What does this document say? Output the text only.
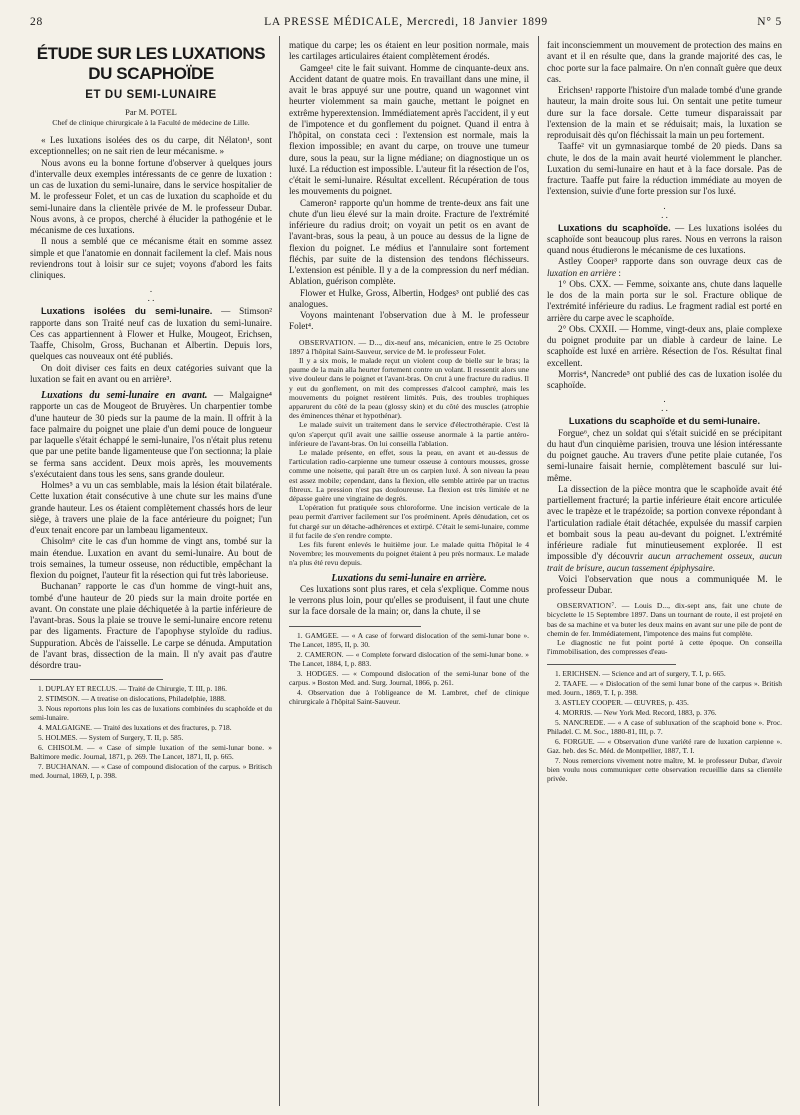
28	LA PRESSE MÉDICALE, Mercredi, 18 Janvier 1899	N° 5
ÉTUDE SUR LES LUXATIONS DU SCAPHOÏDE
ET DU SEMI-LUNAIRE
Par M. POTEL
Chef de clinique chirurgicale à la Faculté de médecine de Lille.

« Les luxations isolées des os du carpe, dit Nélaton¹, sont exceptionnelles; on ne sait rien de leur mécanisme. »

Nous avons eu la bonne fortune d'observer à quelques jours d'intervalle deux exemples intéressants de ce genre de luxation : un cas de luxation du semi-lunaire, dans le service hospitalier de M. le professeur Folet, et un cas de luxation du scaphoïde et du semi-lunaire dans la clientèle privée de M. le professeur Dubar. Nous avons, à ce propos, cherché à élucider la pathogénie et le mécanisme de ces luxations.

Il nous a semblé que ce mécanisme était en somme assez simple et que l'anatomie en donnait facilement la clef. Mais nous reviendrons tout à loisir sur ce sujet; voyons d'abord les faits cliniques.

.
. .

Luxations isolées du semi-lunaire. — Stimson² rapporte dans son Traité neuf cas de luxation du semi-lunaire. Ces cas appartiennent à Flower et Hulke, Mougeot, Erichsen, Taaffe, Chisolm, Gross, Buchanan et Albertin. Depuis lors, quelques cas nouveaux ont été publiés.

On doit diviser ces faits en deux catégories suivant que la luxation se fait en avant ou en arrière³.

Luxations du semi-lunaire en avant. — Malgaigne⁴ rapporte un cas de Mougeot de Bruyères. Un charpentier tombe d'une hauteur de 30 pieds sur la paume de la main. Il offrit à la face palmaire du poignet une plaie d'un demi pouce de longueur par laquelle s'était échappé le semi-lunaire, l'os n'était plus retenu que par une petite bande ligamenteuse que l'on sectionna; la plaie se ferma sans accident. Deux mois après, les mouvements s'exécutaient dans tous les sens, sans grande douleur.

Holmes⁵ a vu un cas semblable, mais la lésion était bilatérale. Cette luxation était consécutive à une chute sur les mains d'une grande hauteur. Les os étaient complètement chassés hors de leur siège, à travers une plaie de la face antérieure du poignet; l'un d'eux tenait encore par un lambeau ligamenteux.

Chisolm⁶ cite le cas d'un homme de vingt ans, tombé sur la main étendue. Luxation en avant du semi-lunaire. Au bout de trois semaines, la tumeur osseuse, non réductible, empêchant la flexion du poignet, l'auteur fit la résection qui fut très laborieuse.

Buchanan⁷ rapporte le cas d'un homme de vingt-huit ans, tombé d'une hauteur de 20 pieds sur la main droite portée en avant. On constate une plaie déchiquetée à la partie inférieure de l'avant-bras. Sous la plaie se trouve le semi-lunaire encore retenu par des ligaments. Fracture de l'apophyse styloïde du radius. Suppuration. Abcès de l'aisselle. Le carpe se dénuda. Amputation de l'avant bras, dissection de la main. Il n'y avait pas d'autre désordre trau-

1. DUPLAY ET RECLUS. — Traité de Chirurgie, T. III, p. 186.

2. STIMSON. — A treatise on dislocations, Philadelphie, 1888.

3. Nous reportons plus loin les cas de luxations combinées du scaphoïde et du semi-lunaire.

4. MALGAIGNE. — Traité des luxations et des fractures, p. 718.

5. HOLMES. — System of Surgery, T. II, p. 585.

6. CHISOLM. — « Case of simple luxation of the semi-lunar bone. » Baltimore medic. Journal, 1871, p. 269. The Lancet, 1871, II, p. 665.

7. BUCHANAN. — « Case of compound dislocation of the carpus. » Britisch med. Journal, 1869, I, p. 398.

matique du carpe; les os étaient en leur position normale, mais les cartilages articulaires étaient complètement érodés.

Gamgee¹ cite le fait suivant. Homme de cinquante-deux ans. Accident datant de quatre mois. En travaillant dans une mine, il avait le bras appuyé sur une poutre, quand un wagonnet vint heurter violemment sa main gauche, mettant le poignet en extrême hyperextension. Immédiatement après l'accident, il y eut de l'impotence et du gonflement du poignet. Quand il entra à l'hôpital, on constata ceci : l'extension est normale, mais la flexion impossible; en avant du carpe, on trouve une tumeur dure, sous la peau, sur la ligne médiane; on diagnostique un os luxé. La réduction est impossible. L'auteur fit la résection de l'os, c'était le semi-lunaire. Résultat excellent. Récupération de tous les mouvements du poignet.

Cameron² rapporte qu'un homme de trente-deux ans fait une chute d'un lieu élevé sur la main droite. Fracture de l'extrémité inférieure du radius droit; on voyait un petit os en avant de l'avant-bras, sous la peau, à un pouce au dessus de la ligne de flexion du poignet. Le médius et l'annulaire sont fortement fléchis, par suite de la distension des tendons fléchisseurs. L'extension est pénible. Il y a de la compression du nerf médian. Ablation, guérison complète.

Flower et Hulke, Gross, Albertin, Hodges³ ont publié des cas analogues.

Voyons maintenant l'observation due à M. le professeur Folet⁴.

OBSERVATION. — D..., dix-neuf ans, mécanicien, entre le 25 Octobre 1897 à l'hôpital Saint-Sauveur, service de M. le professeur Folet.

Il y a six mois, le malade reçut un violent coup de bielle sur le bras; la paume de la main alla heurter fortement contre un volant. Il ressentit alors une vive douleur dans le poignet et l'avant-bras. On crut à une fracture du radius. Il y eut du gonflement, on mit des compresses d'alcool camphré, mais les mouvements du poignet restèrent limités. Puis, des troubles trophiques apparurent du côté de la peau (glossy skin) et du côté des muscles (atrophie des éminences thénar et hypothénar).

Le malade suivit un traitement dans le service d'électrothérapie. C'est là qu'on s'aperçut qu'il avait une saillie osseuse anormale à la partie antéro-inférieure de l'avant-bras. On lui conseilla l'ablation.

Le malade présente, en effet, sous la peau, en avant et au-dessus de l'articulation radio-carpienne une tumeur osseuse à contours mousses, grosse comme une noisette, qui paraît être un os carpien luxé. À son niveau la peau est assez mobile; cependant, dans la flexion, elle semble attirée par un tractus fibreux. La pression n'est pas douloureuse. La flexion est très limitée et ne dépasse guère une vingtaine de degrés.

L'opération fut pratiquée sous chloroforme. Une incision verticale de la peau permit d'arriver facilement sur l'os proéminent. Après dénudation, cet os fut chargé sur un détache-adhérences et extirpé. C'était le semi-lunaire, comme il fut facile de s'en rendre compte.

Les fils furent enlevés le huitième jour. Le malade quitta l'hôpital le 4 Novembre; les mouvements du poignet étaient à peu près normaux. Le malade n'a plus été revu depuis.

Luxations du semi-lunaire en arrière.

Ces luxations sont plus rares, et cela s'explique. Comme nous le verrons plus loin, pour qu'elles se produisent, il faut une chute sur la face dorsale de la main; or, dans la chute, il se

1. GAMGEE. — « A case of forward dislocation of the semi-lunar bone ». The Lancet, 1895, II, p. 30.

2. CAMERON. — « Complete forward dislocation of the semi-lunar bone. » The Lancet, 1884, I, p. 883.

3. HODGES. — « Compound dislocation of the semi-lunar bone of the carpus. » Boston Med. and. Surg. Journal, 1866, p. 261.

4. Observation due à l'obligeance de M. Lambret, chef de clinique chirurgicale à l'hôpital Saint-Sauveur.

fait inconsciemment un mouvement de protection des mains en avant et il en résulte que, dans la grande majorité des cas, le choc porte sur la face palmaire. On n'en connaît guère que deux cas.

Erichsen¹ rapporte l'histoire d'un malade tombé d'une grande hauteur, la main droite sous lui. On sentait une petite tumeur dure sur la face dorsale. Cette tumeur disparaissait par l'extension de la main et se réduisait; mais, la luxation se reproduisait dès qu'on fléchissait la main un peu fortement.

Taaffe² vit un gymnasiarque tombé de 20 pieds. Dans sa chute, le dos de la main avait heurté violemment le plancher. Luxation du semi-lunaire en haut et à la face dorsale. Pas de fracture. Taaffe put faire la réduction immédiate au moyen de l'extension, suivie d'une forte pression sur l'os luxé.

.
. .

Luxations du scaphoïde. — Les luxations isolées du scaphoïde sont beaucoup plus rares. Nous en verrons la raison quand nous étudierons le mécanisme de ces luxations.

Astley Cooper³ rapporte dans son ouvrage deux cas de luxation en arrière :

1° Obs. CXX. — Femme, soixante ans, chute dans laquelle le dos de la main porta sur le sol. Fracture oblique de l'extrémité inférieure du radius. Le fragment radial est porté en arrière du carpe avec le scaphoïde.

2° Obs. CXXII. — Homme, vingt-deux ans, plaie complexe du poignet produite par un diable à cardeur de laine. Le scaphoïde est luxé en arrière. Résection de l'os. Résultat final excellent.

Morris⁴, Nancrede⁵ ont publié des cas de luxation isolée du scaphoïde.

.
. .

Luxations du scaphoïde et du semi-lunaire.

Forgue⁶, chez un soldat qui s'était suicidé en se précipitant du haut d'un cinquième parisien, trouva une lésion intéressante du poignet gauche. Au travers d'une petite plaie cutanée, l'os semi-lunaire faisait hernie, complètement basculé sur lui-même.

La dissection de la pièce montra que le scaphoïde avait été partiellement fracturé; la partie inférieure était encore articulée avec le trapèze et le trapézoïde; sa portion convexe répondant à l'articulation radiale était détachée, expulsée du massif carpien et bombait sous la peau au-devant du poignet. L'extrémité inférieure radiale fut minutieusement explorée. Il est impossible d'y découvrir aucun arrachement osseux, aucun trait de brisure, aucun tassement épiphysaire.

Voici l'observation que nous a communiquée M. le professeur Dubar.

OBSERVATION⁷. — Louis D..., dix-sept ans, fait une chute de bicyclette le 15 Septembre 1897. Dans un tournant de route, il est projeté en bas de sa machine et va buter les deux mains en avant sur une pile de pont de chemin de fer. Immédiatement, l'impotence des mains fut complète.

Le diagnostic ne fut point porté à cette époque. On conseilla l'immobilisation, des compresses d'eau-

1. ERICHSEN. — Science and art of surgery, T. I, p. 665.

2. TAAFE. — « Dislocation of the semi lunar bone of the carpus ». British med. Journ., 1869, T. I, p. 398.

3. ASTLEY COOPER. — ŒUVRES, p. 435.

4. MORRIS. — New York Med. Record, 1883, p. 376.

5. NANCREDE. — « A case of subluxation of the scaphoid bone ». Proc. Philadel. C. M. Soc., 1880-81, III, p. 7.

6. FORGUE. — « Observation d'une variété rare de luxation carpienne ». Gaz. heb. des Sc. Méd. de Montpellier, 1887, T. I.

7. Nous remercions vivement notre maître, M. le professeur Dubar, d'avoir bien voulu nous communiquer cette observation recueillie dans sa clientèle privée.
